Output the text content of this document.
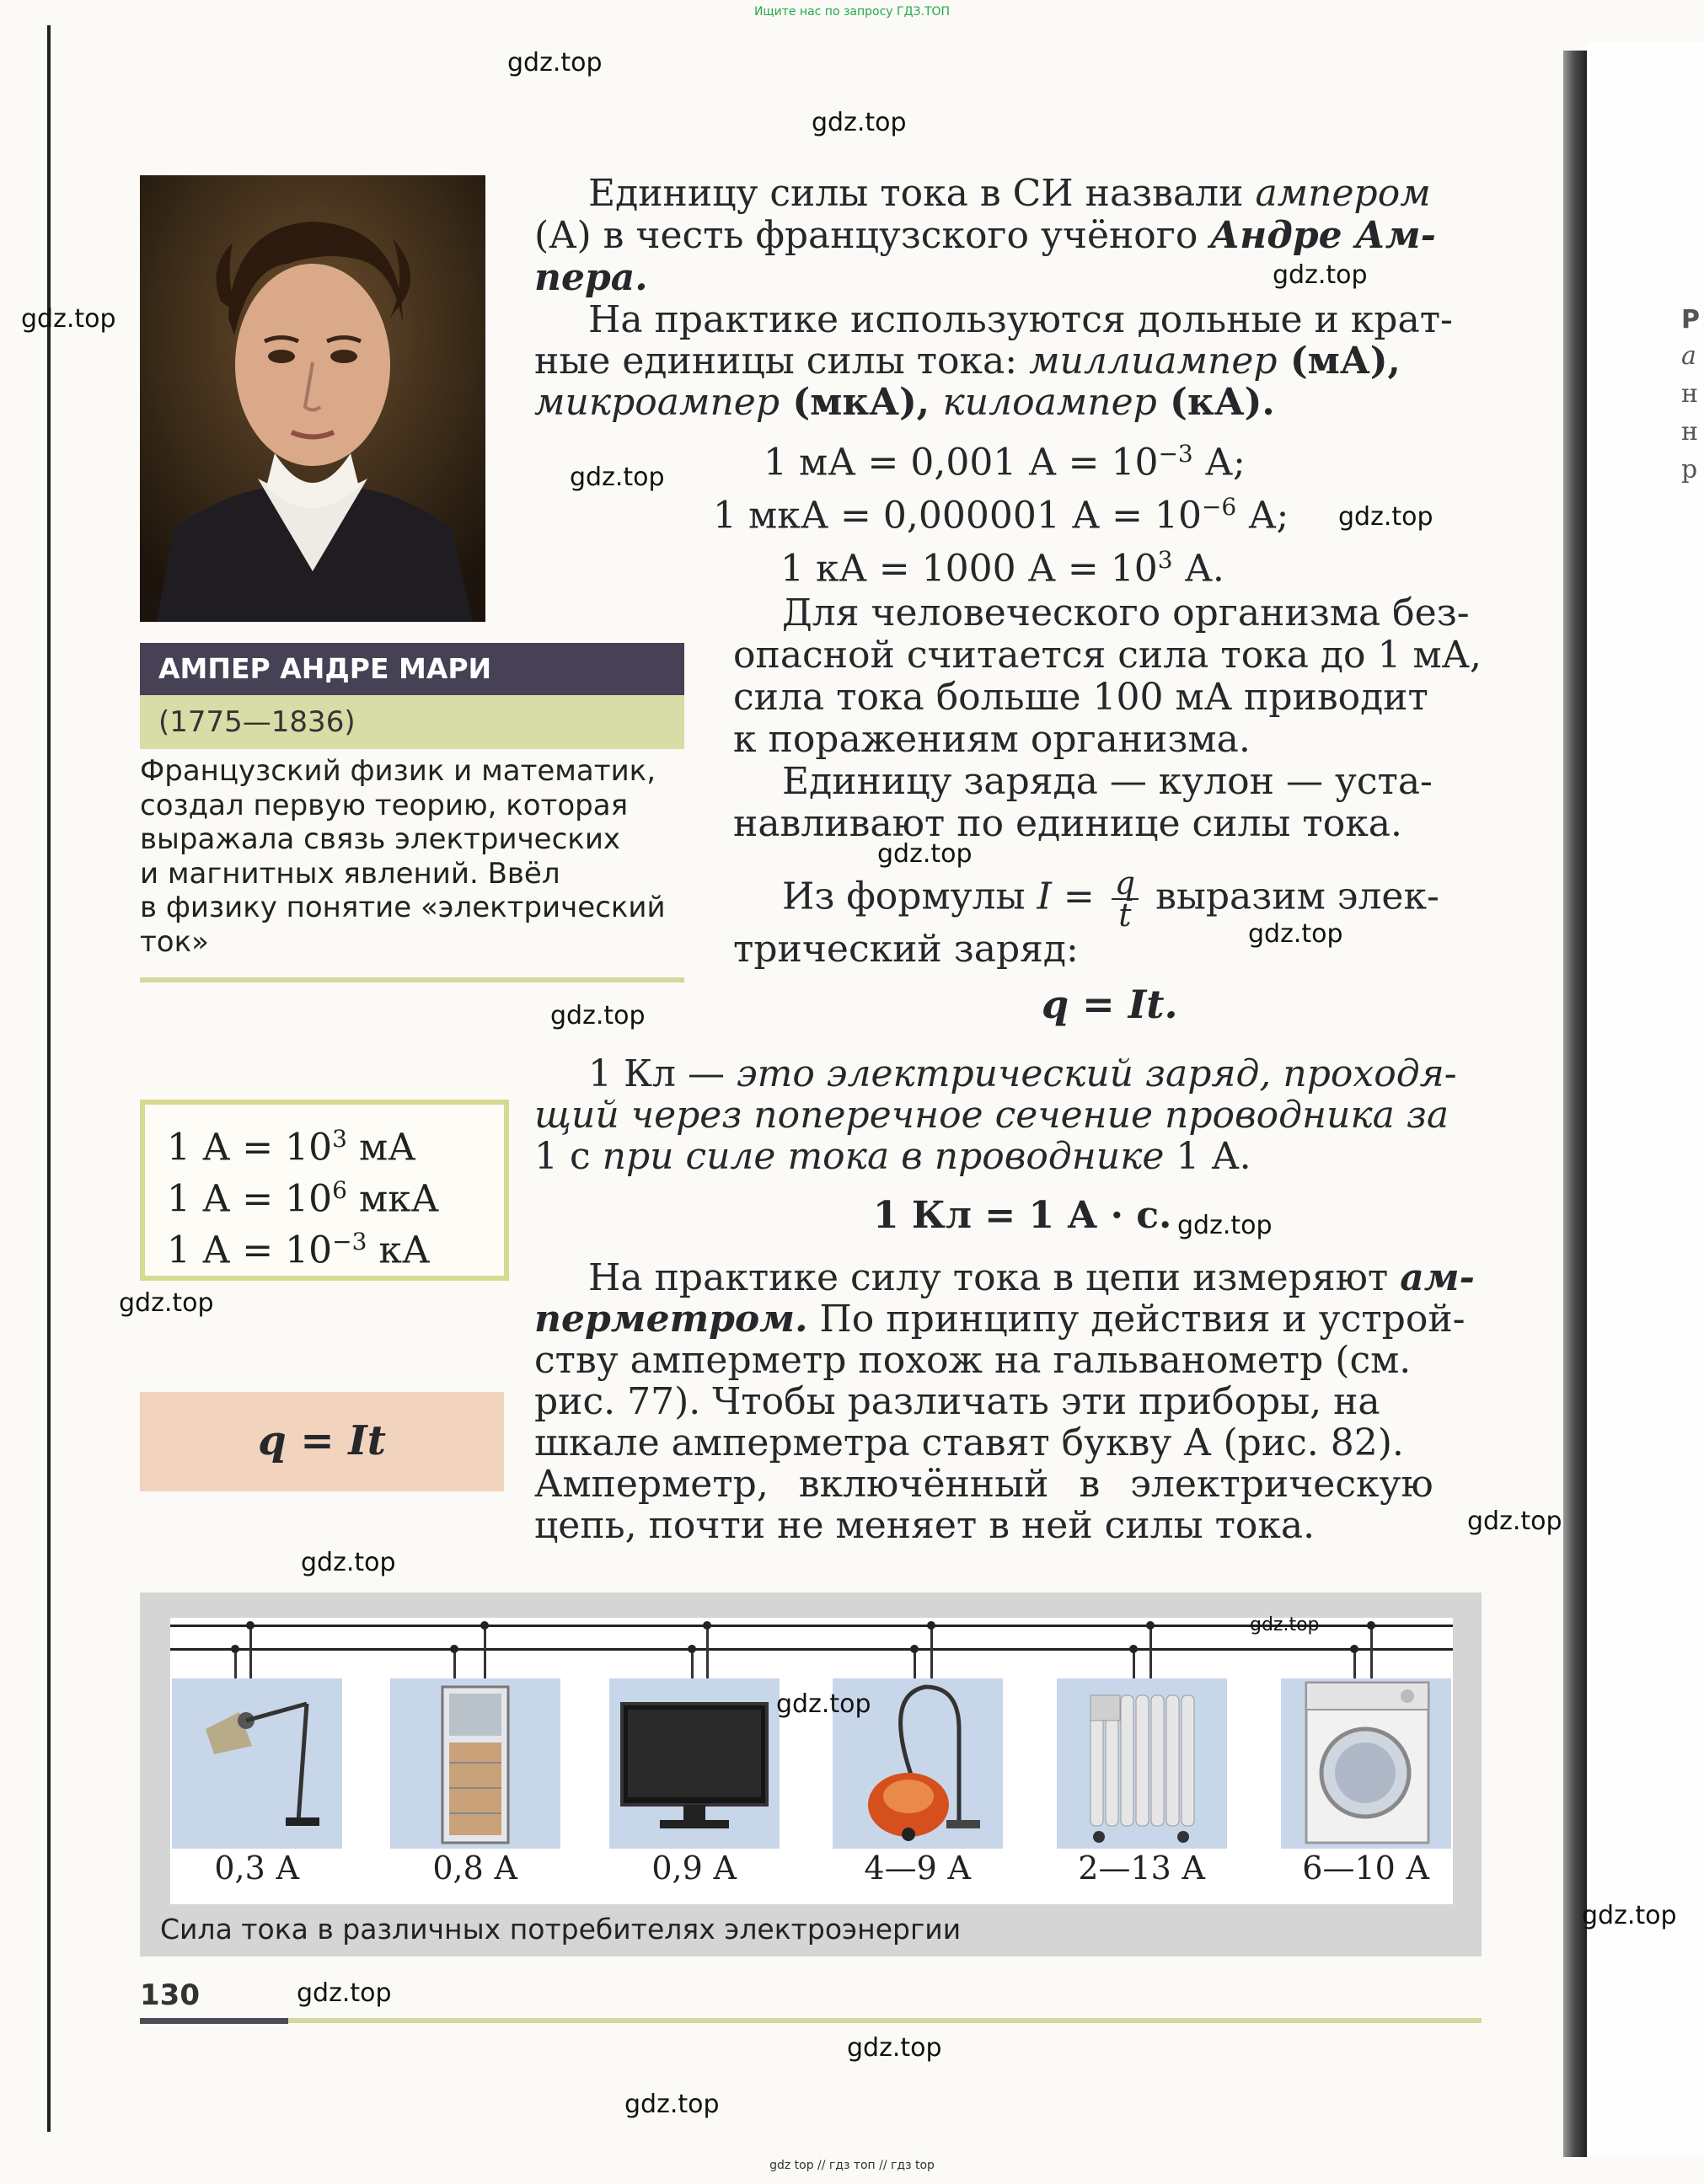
Ищите нас по запросу ГДЗ.ТОП
gdz top // гдз топ // гдз top
Р
а
н
н
р
АМПЕР АНДРЕ МАРИ
(1775—1836)
Французский физик и математик,
создал первую теорию, которая
выражала связь электрических
и магнитных явлений. Ввёл
в физику понятие «электрический
ток»
1 $А = 10^3$ мА
1 $А = 10^6$ мкА
1 $А = 10^{-3}$ кА
q = It
Единицу силы тока в СИ назвали ампером
(А) в честь французского учёного Андре Ам-
пера.
На практике используются дольные и крат-
ные единицы силы тока: миллиампер (мА),
микроампер (мкА), килоампер (кА).
1 мА = 0,001 $А = 10^{-3}$ А;
1 мкА = 0,000001 $А = 10^{-6}$ А;
1 кА = 1000 $А = 10^3$ А.
Для человеческого организма без-
опасной считается сила тока до 1 мА,
сила тока больше 100 мА приводит
к поражениям организма.
Единицу заряда — кулон — уста-
навливают по единице силы тока.
Из формулы $I = \frac{q}{t}$ выразим элек-
трический заряд:
q = It.
1 Кл — это электрический заряд, проходя-
щий через поперечное сечение проводника за
1 с при силе тока в проводнике 1 А.
1 Кл = 1 А · с.
На практике силу тока в цепи измеряют ам-
перметром. По принципу действия и устрой-
ству амперметр похож на гальванометр (см.
рис. 77). Чтобы различать эти приборы, на
шкале амперметра ставят букву А (рис. 82).
Амперметр, включённый в электрическую
цепь, почти не меняет в ней силы тока.
0,3 А	0,8 А	0,9 А	4—9 А	2—13 А	6—10 А
Сила тока в различных потребителях электроэнергии
130
gdz.top
gdz.top
gdz.top
gdz.top
gdz.top
gdz.top
gdz.top
gdz.top
gdz.top
gdz.top
gdz.top
gdz.top
gdz.top
gdz.top
gdz.top
gdz.top
gdz.top
gdz.top
gdz.top
